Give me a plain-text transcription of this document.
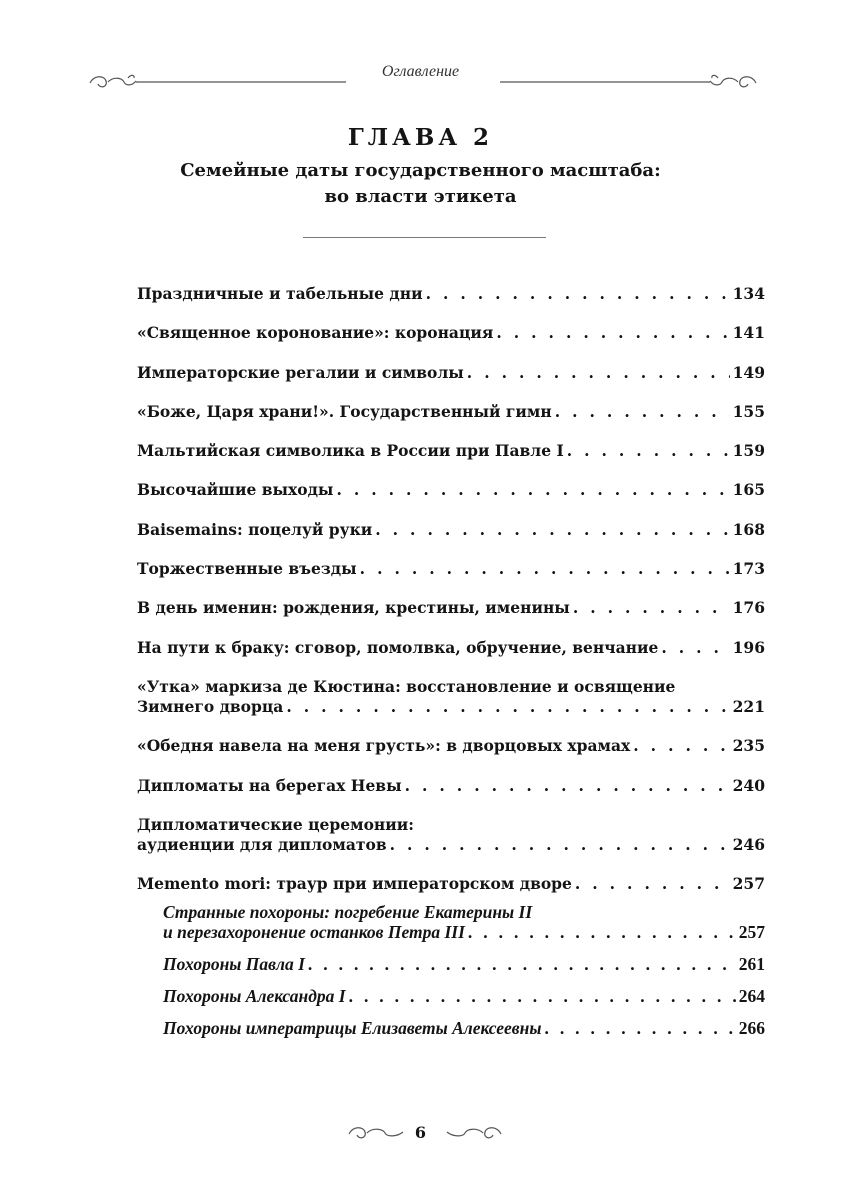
Оглавление
ГЛАВА 2
Семейные даты государственного масштаба:
во власти этикета
Праздничные и табельные дни . . .	134
«Священное коронование»: коронация . . .	141
Императорские регалии и символы . . .	149
«Боже, Царя храни!». Государственный гимн . . .	155
Мальтийская символика в России при Павле I . . .	159
Высочайшие выходы . . .	165
Baisemains: поцелуй руки . . .	168
Торжественные въезды . . .	173
В день именин: рождения, крестины, именины . . .	176
На пути к браку: сговор, помолвка, обручение, венчание . . .	196
«Утка» маркиза де Кюстина: восстановление и освящение
Зимнего дворца . . .	221
«Обедня навела на меня грусть»: в дворцовых храмах . . .	235
Дипломаты на берегах Невы . . .	240
Дипломатические церемонии:
аудиенции для дипломатов . . .	246
Memento mori: траур при императорском дворе . . .	257
Странные похороны: погребение Екатерины II
и перезахоронение останков Петра III . . .	257
Похороны Павла I . . .	261
Похороны Александра I . . .	264
Похороны императрицы Елизаветы Алексеевны . . .	266
6
